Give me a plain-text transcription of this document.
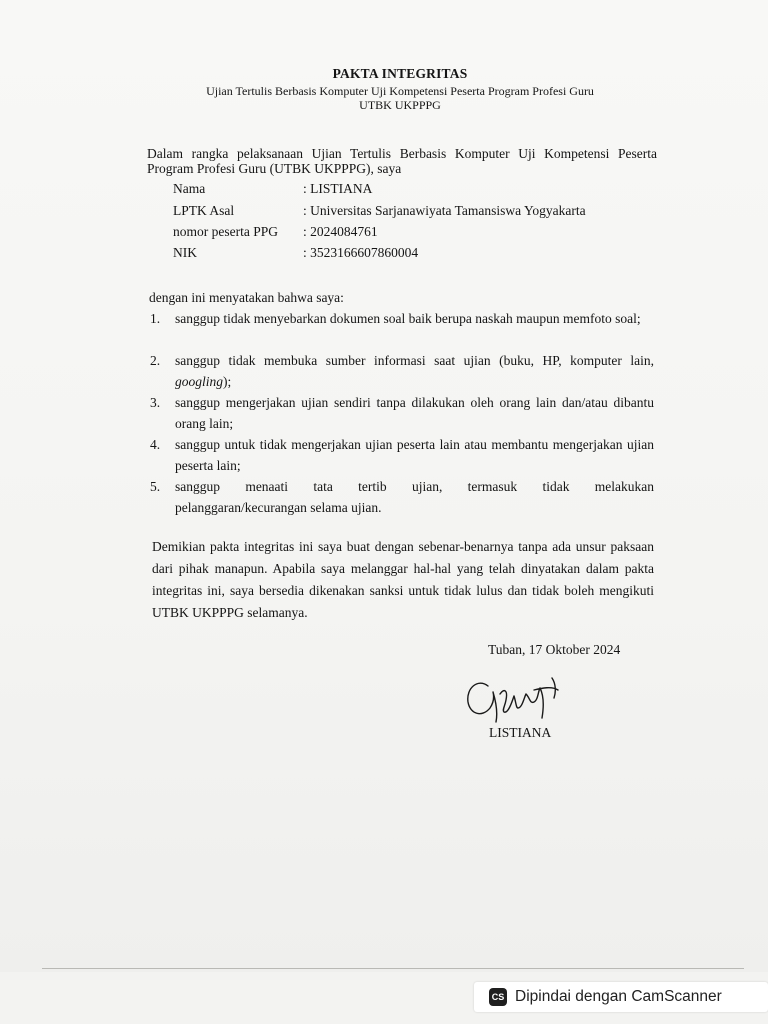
PAKTA INTEGRITAS
Ujian Tertulis Berbasis Komputer Uji Kompetensi Peserta Program Profesi Guru
UTBK UKPPPG
Dalam rangka pelaksanaan Ujian Tertulis Berbasis Komputer Uji Kompetensi Peserta Program Profesi Guru (UTBK UKPPPG), saya
Nama	: LISTIANA
LPTK Asal	: Universitas Sarjanawiyata Tamansiswa Yogyakarta
nomor peserta PPG : 2024084761
NIK	: 3523166607860004
dengan ini menyatakan bahwa saya:
1. sanggup tidak menyebarkan dokumen soal baik berupa naskah maupun memfoto soal;
2. sanggup tidak membuka sumber informasi saat ujian (buku, HP, komputer lain, googling);
3. sanggup mengerjakan ujian sendiri tanpa dilakukan oleh orang lain dan/atau dibantu orang lain;
4. sanggup untuk tidak mengerjakan ujian peserta lain atau membantu mengerjakan ujian peserta lain;
5. sanggup menaati tata tertib ujian, termasuk tidak melakukan
pelanggaran/kecurangan selama ujian.
Demikian pakta integritas ini saya buat dengan sebenar-benarnya tanpa ada unsur paksaan dari pihak manapun. Apabila saya melanggar hal-hal yang telah dinyatakan dalam pakta integritas ini, saya bersedia dikenakan sanksi untuk tidak lulus dan tidak boleh mengikuti UTBK UKPPPG selamanya.
Tuban, 17 Oktober 2024
LISTIANA
CS Dipindai dengan CamScanner
